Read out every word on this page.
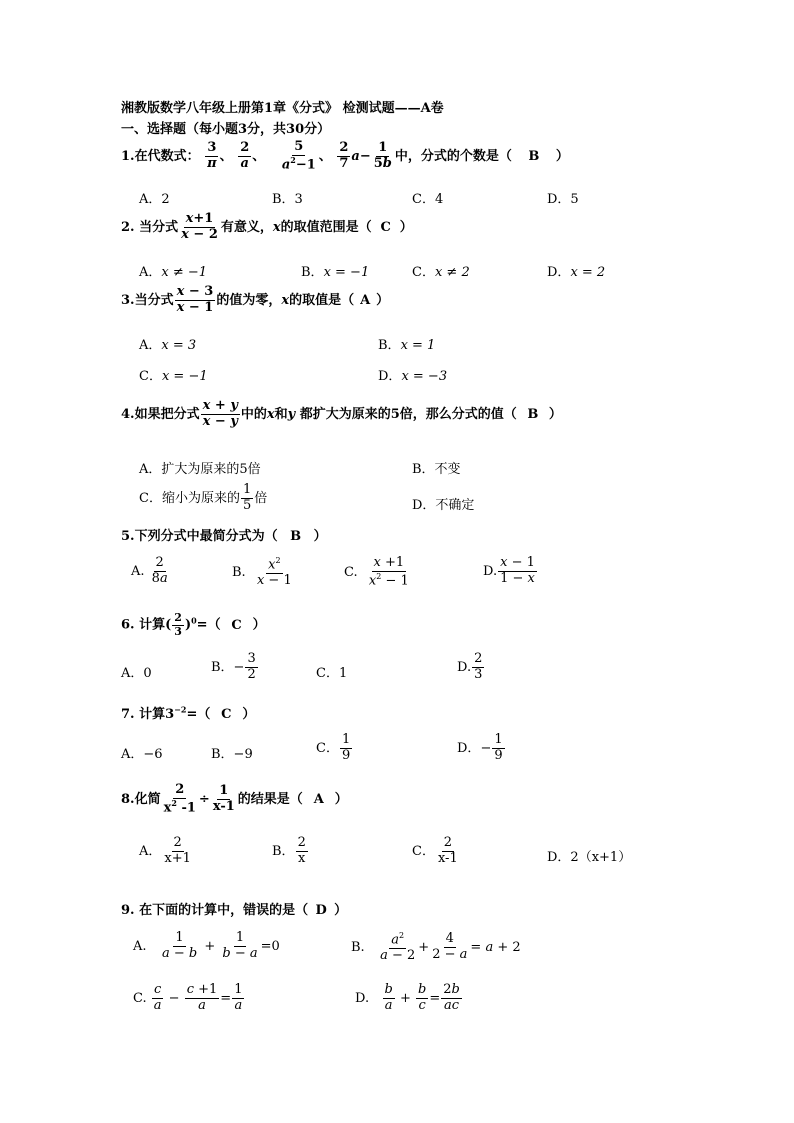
湘教版数学八年级上册第1章《分式》 检测试题——A卷
一、选择题（每小题3分，共30分）
1.在代数式： $\frac{3}{\pi}$ 、 $\frac{2}{a}$ 、 $\frac{5}{a^2-1}$ 、 $\frac{2}{7} a- \frac{1}{5b}$ 中，分式的个数是（ B ）
A．2	B．3	C．4	D．5
2. 当分式 $\frac{x+1}{x - 2}$ 有意义，x的取值范围是（ C ）
A．x ≠ −1	B．x = −1	C．x ≠ 2	D．x = 2
3.当分式 $\frac{x - 3}{x - 1}$ 的值为零，x的取值是（ A ）
A．x = 3	B．x = 1
C．x = −1	D．x = −3
4.如果把分式 $\frac{x + y}{x - y}$ 中的x和y 都扩大为原来的5倍，那么分式的值（ B ）
A．扩大为原来的5倍	B．不变
C．缩小为原来的 $\frac{1}{5}$ 倍	D．不确定
5.下列分式中最简分式为（ B ）
A. $\frac{2}{8a}$	B. $\frac{x^2}{x - 1}$	C. $\frac{x +1}{x^2 - 1}$	D. $\frac{x - 1}{1 - x}$
6. 计算( $\frac{2}{3} )^0=$（ C ）
A．0	B．− $\frac{3}{2}$	C．1	D. $\frac{2}{3}$
7. 计算$3^{-2}=$（ C ）
A．−6	B．−9	C． $\frac{1}{9}$	D．− $\frac{1}{9}$
8.化简 $\frac{2}{x^2 -1} \div \frac{1}{x-1}$ 的结果是（ A ）
A． $\frac{2}{x+1}$	B． $\frac{2}{x}$	C． $\frac{2}{x-1}$	D．2（x+1）
9. 在下面的计算中，错误的是（ D ）
A. $\frac{1}{a - b} + \frac{1}{b - a} =0$	B. $\frac{a^2}{a - 2} + \frac{4}{2 - a} = a + 2$
C. $\frac{c}{a} - \frac{c +1}{a} = \frac{1}{a}$	D. $\frac{b}{a} + \frac{b}{c} = \frac{2b}{ac}$
